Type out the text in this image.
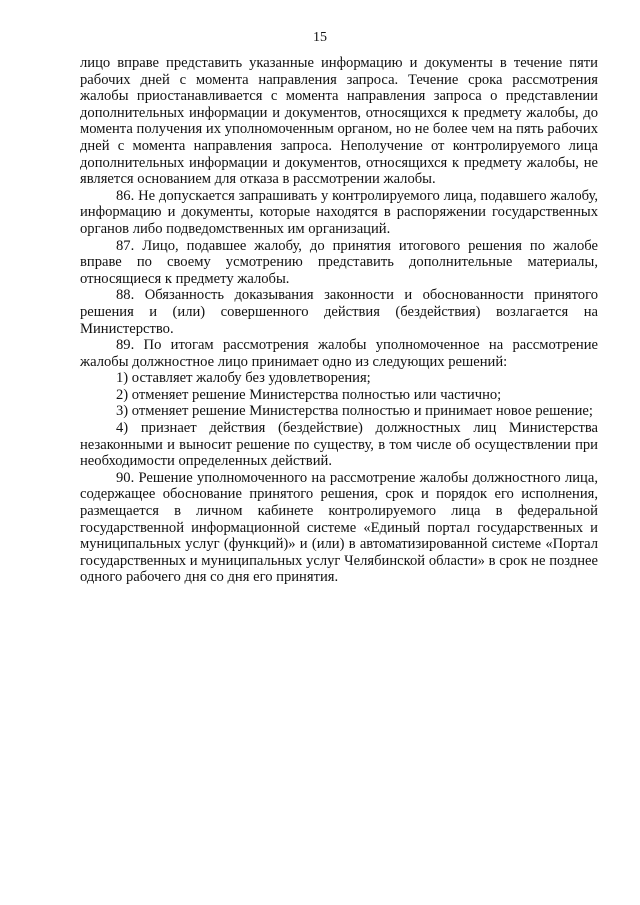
15

лицо вправе представить указанные информацию и документы в течение пяти рабочих дней с момента направления запроса. Течение срока рассмотрения жалобы приостанавливается с момента направления запроса о представлении дополнительных информации и документов, относящихся к предмету жалобы, до момента получения их уполномоченным органом, но не более чем на пять рабочих дней с момента направления запроса. Неполучение от контролируемого лица дополнительных информации и документов, относящихся к предмету жалобы, не является основанием для отказа в рассмотрении жалобы.

86. Не допускается запрашивать у контролируемого лица, подавшего жалобу, информацию и документы, которые находятся в распоряжении государственных органов либо подведомственных им организаций.

87. Лицо, подавшее жалобу, до принятия итогового решения по жалобе вправе по своему усмотрению представить дополнительные материалы, относящиеся к предмету жалобы.

88. Обязанность доказывания законности и обоснованности принятого решения и (или) совершенного действия (бездействия) возлагается на Министерство.

89. По итогам рассмотрения жалобы уполномоченное на рассмотрение жалобы должностное лицо принимает одно из следующих решений:

1) оставляет жалобу без удовлетворения;

2) отменяет решение Министерства полностью или частично;

3) отменяет решение Министерства полностью и принимает новое решение;

4) признает действия (бездействие) должностных лиц Министерства незаконными и выносит решение по существу, в том числе об осуществлении при необходимости определенных действий.

90. Решение уполномоченного на рассмотрение жалобы должностного лица, содержащее обоснование принятого решения, срок и порядок его исполнения, размещается в личном кабинете контролируемого лица в федеральной государственной информационной системе «Единый портал государственных и муниципальных услуг (функций)» и (или) в автоматизированной системе «Портал государственных и муниципальных услуг Челябинской области» в срок не позднее одного рабочего дня со дня его принятия.
